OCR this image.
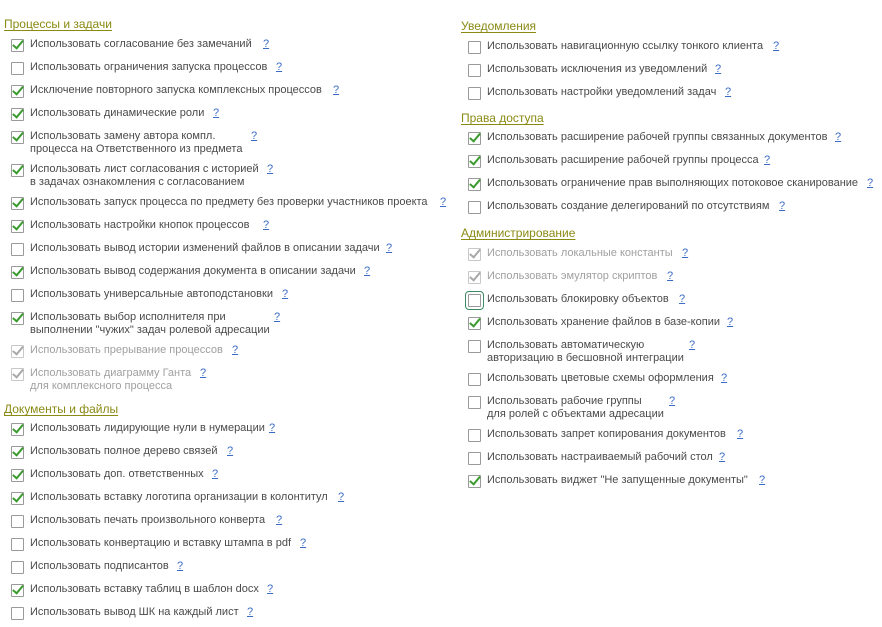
Процессы и задачи
Использовать согласование без замечаний ?
Использовать ограничения запуска процессов ?
Исключение повторного запуска комплексных процессов ?
Использовать динамические роли ?
Использовать замену автора компл.
процесса на Ответственного из предмета
?
Использовать лист согласования с историей
в задачах ознакомления с согласованием
?
Использовать запуск процесса по предмету без проверки участников проекта ?
Использовать настройки кнопок процессов ?
Использовать вывод истории изменений файлов в описании задачи ?
Использовать вывод содержания документа в описании задачи ?
Использовать универсальные автоподстановки ?
Использовать выбор исполнителя при
выполнении "чужих" задач ролевой адресации
?
Использовать прерывание процессов ?
Использовать диаграмму Ганта
для комплексного процесса
?
Документы и файлы
Использовать лидирующие нули в нумерации ?
Использовать полное дерево связей ?
Использовать доп. ответственных ?
Использовать вставку логотипа организации в колонтитул ?
Использовать печать произвольного конверта ?
Использовать конвертацию и вставку штампа в pdf ?
Использовать подписантов ?
Использовать вставку таблиц в шаблон docx ?
Использовать вывод ШК на каждый лист ?
Уведомления
Использовать навигационную ссылку тонкого клиента ?
Использовать исключения из уведомлений ?
Использовать настройки уведомлений задач ?
Права доступа
Использовать расширение рабочей группы связанных документов ?
Использовать расширение рабочей группы процесса ?
Использовать ограничение прав выполняющих потоковое сканирование ?
Использовать создание делегирований по отсутствиям ?
Администрирование
Использовать локальные константы ?
Использовать эмулятор скриптов ?
Использовать блокировку объектов ?
Использовать хранение файлов в базе-копии ?
Использовать автоматическую
авторизацию в бесшовной интеграции
?
Использовать цветовые схемы оформления ?
Использовать рабочие группы
для ролей с объектами адресации
?
Использовать запрет копирования документов ?
Использовать настраиваемый рабочий стол ?
Использовать виджет "Не запущенные документы" ?
